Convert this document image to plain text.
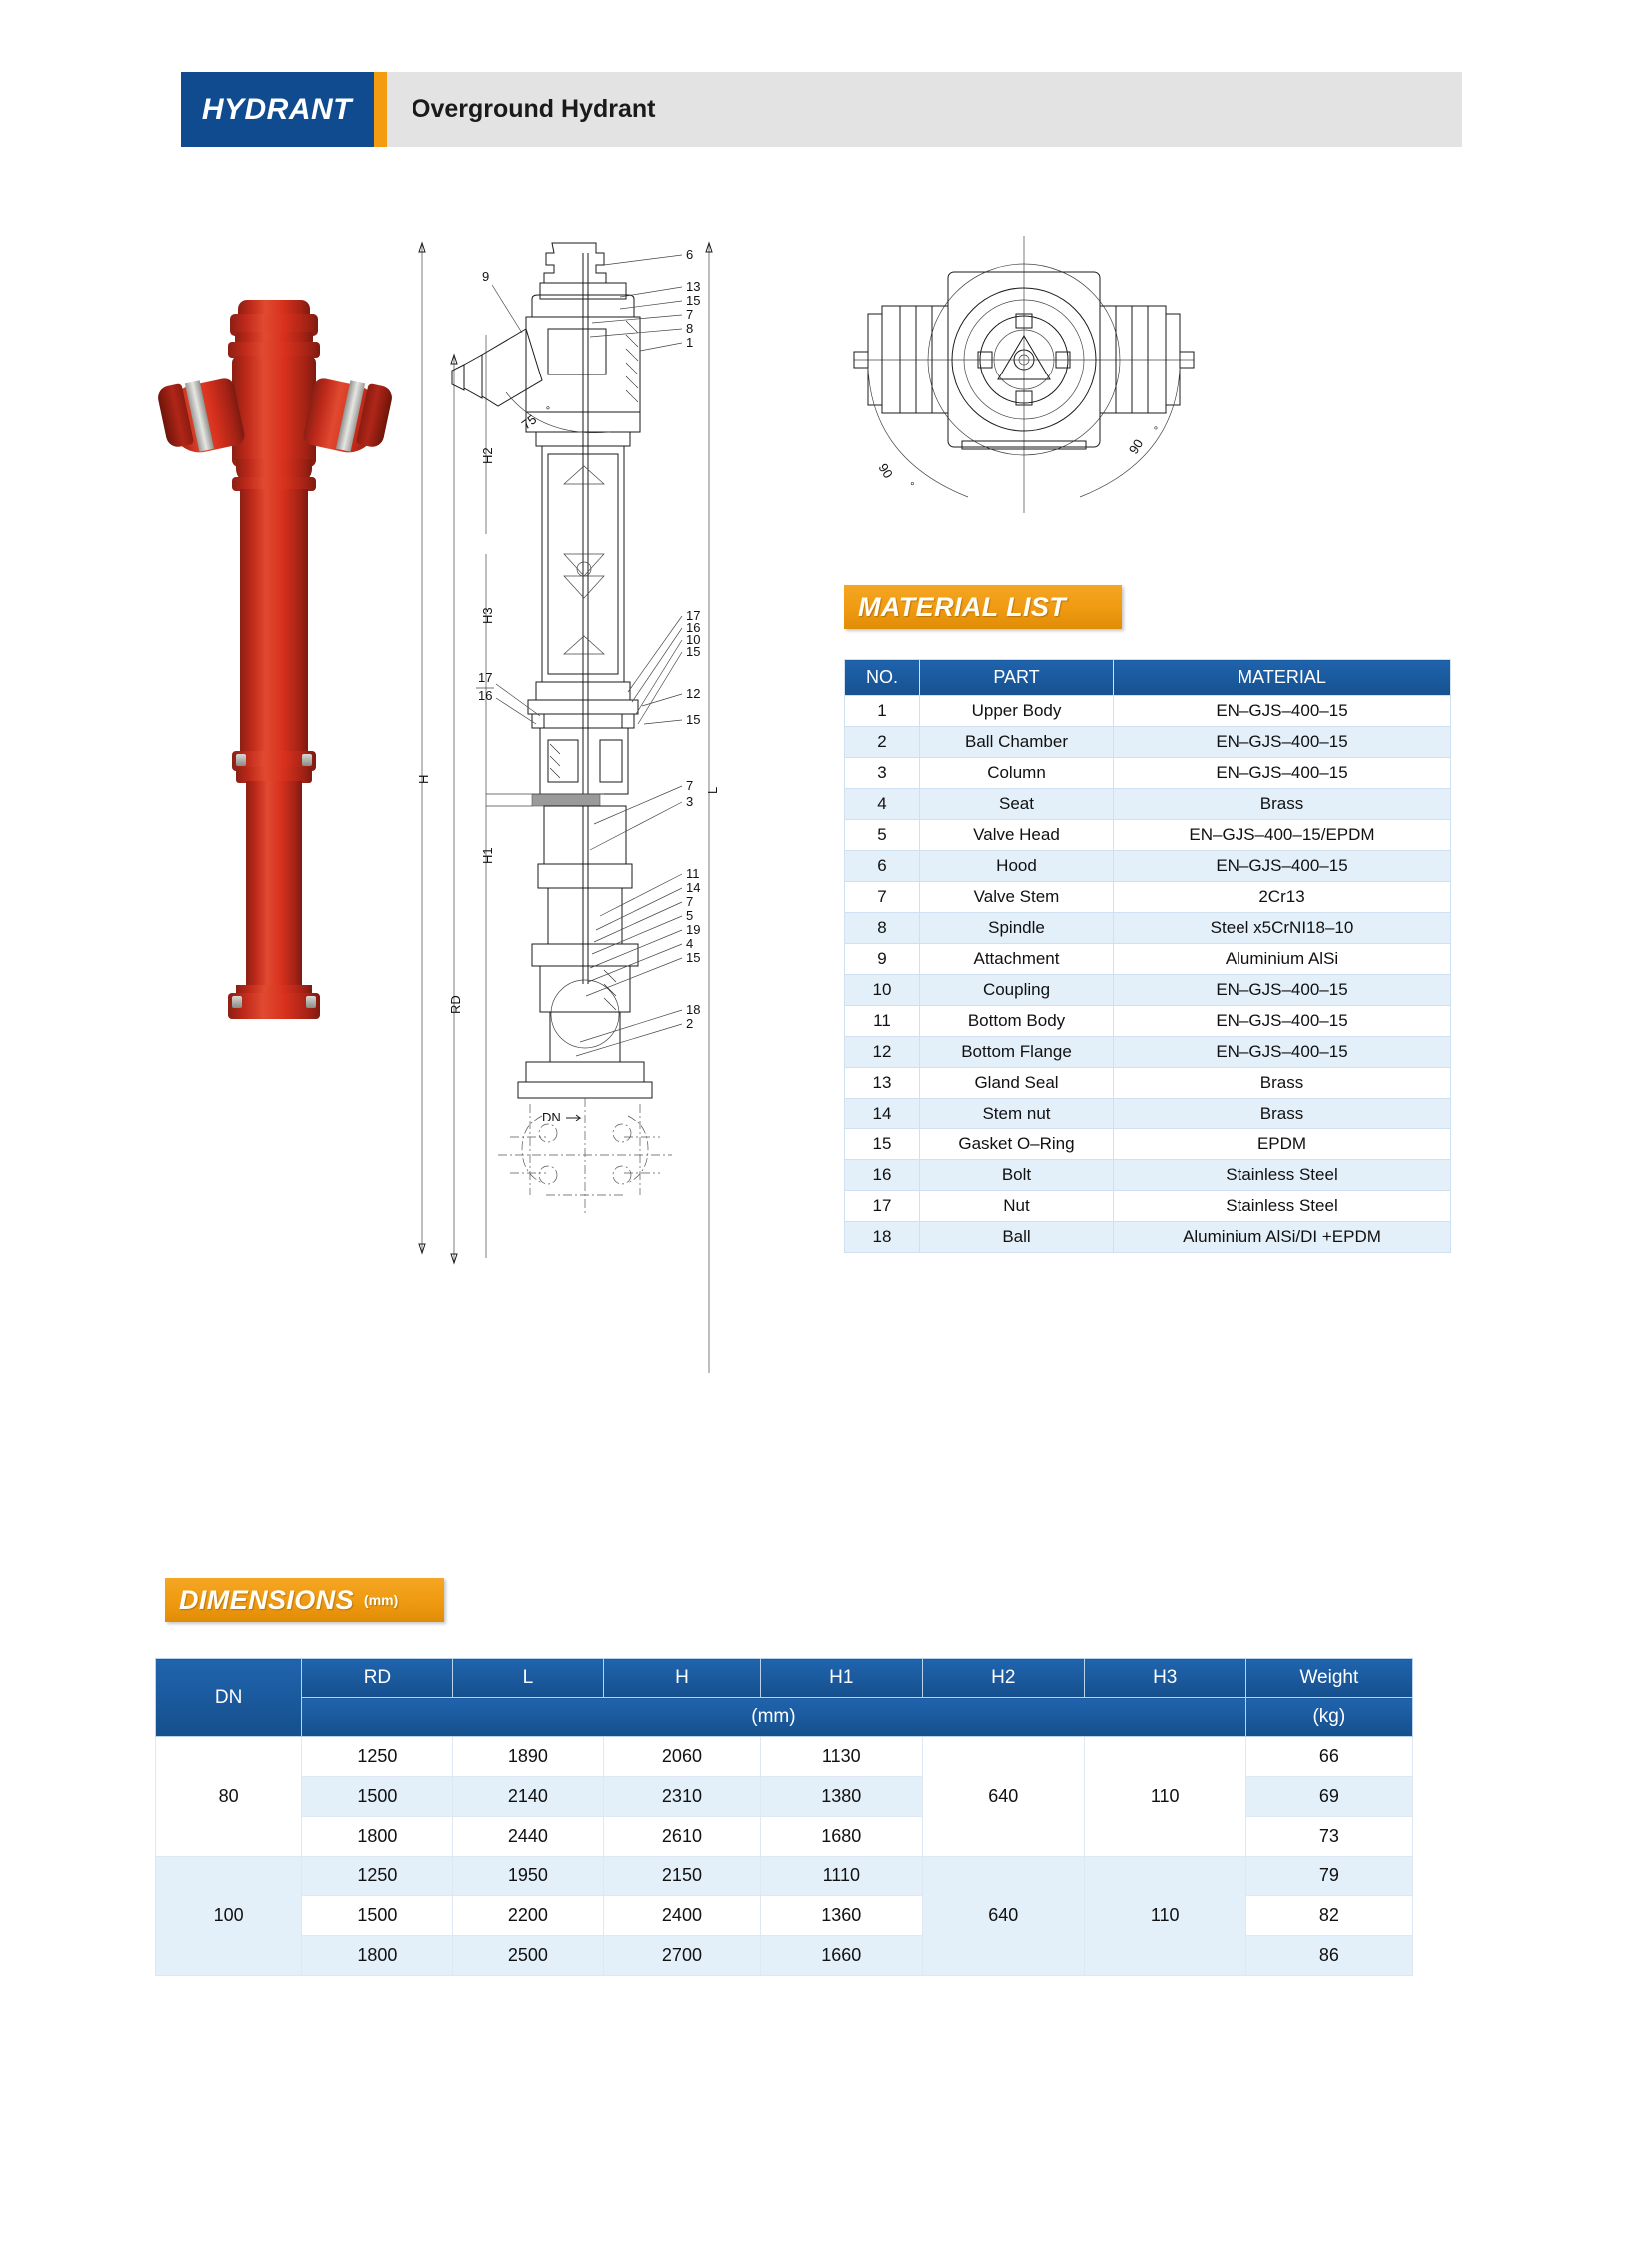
HYDRANT Overground Hydrant
H
RD
H2
H3
H1
L
DN
75
°
9
17
16
6
13
15
7
8
1
17
16
10
15
12
15
7
3
11
14
7
5
19
4
15
18
2
90
°
90
°
MATERIAL LIST
NO.	PART	MATERIAL
1	Upper Body	EN–GJS–400–15
2	Ball Chamber	EN–GJS–400–15
3	Column	EN–GJS–400–15
4	Seat	Brass
5	Valve Head	EN–GJS–400–15/EPDM
6	Hood	EN–GJS–400–15
7	Valve Stem	2Cr13
8	Spindle	Steel x5CrNI18–10
9	Attachment	Aluminium AlSi
10	Coupling	EN–GJS–400–15
11	Bottom Body	EN–GJS–400–15
12	Bottom Flange	EN–GJS–400–15
13	Gland Seal	Brass
14	Stem nut	Brass
15	Gasket O–Ring	EPDM
16	Bolt	Stainless Steel
17	Nut	Stainless Steel
18	Ball	Aluminium AlSi/DI +EPDM
DIMENSIONS (mm)
DN	RD	L	H	H1	H2	H3	Weight
	(mm)						(kg)
80	1250	1890	2060	1130	640	110	66
	1500	2140	2310	1380			69
	1800	2440	2610	1680			73
100	1250	1950	2150	1110	640	110	79
	1500	2200	2400	1360			82
	1800	2500	2700	1660			86
